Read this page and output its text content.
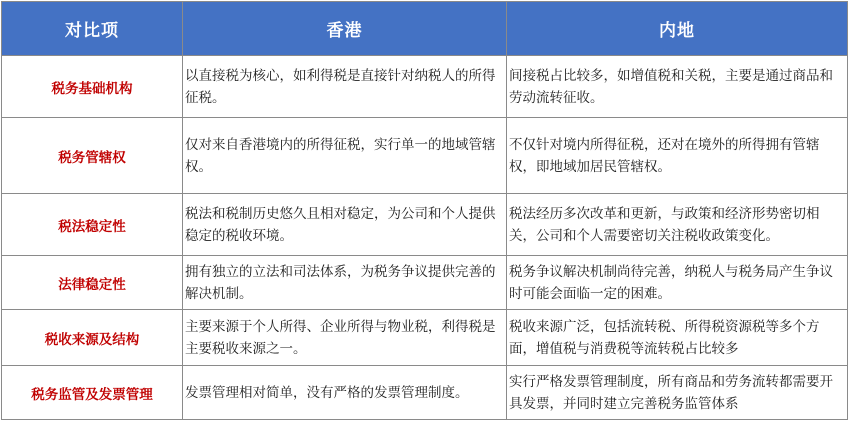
对比项	香港	内地
税务基础机构	以直接税为核心，如利得税是直接针对纳税人的所得征税。	间接税占比较多，如增值税和关税，主要是通过商品和劳动流转征收。
税务管辖权	仅对来自香港境内的所得征税，实行单一的地域管辖权。	不仅针对境内所得征税，还对在境外的所得拥有管辖权，即地域加居民管辖权。
税法稳定性	税法和税制历史悠久且相对稳定，为公司和个人提供稳定的税收环境。	税法经历多次改革和更新，与政策和经济形势密切相关，公司和个人需要密切关注税收政策变化。
法律稳定性	拥有独立的立法和司法体系，为税务争议提供完善的解决机制。	税务争议解决机制尚待完善，纳税人与税务局产生争议时可能会面临一定的困难。
税收来源及结构	主要来源于个人所得、企业所得与物业税，利得税是主要税收来源之一。	税收来源广泛，包括流转税、所得税资源税等多个方面，增值税与消费税等流转税占比较多
税务监管及发票管理	发票管理相对简单，没有严格的发票管理制度。	实行严格发票管理制度，所有商品和劳务流转都需要开具发票，并同时建立完善税务监管体系
